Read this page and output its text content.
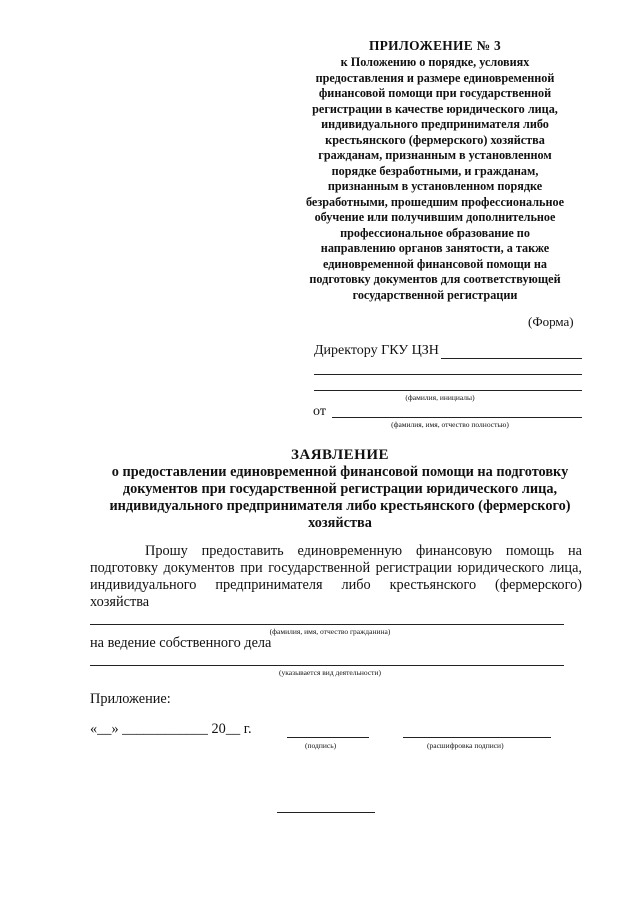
ПРИЛОЖЕНИЕ № 3
к Положению о порядке, условиях
предоставления и размере единовременной
финансовой помощи при государственной
регистрации в качестве юридического лица,
индивидуального предпринимателя либо
крестьянского (фермерского) хозяйства
гражданам, признанным в установленном
порядке безработными, и гражданам,
признанным в установленном порядке
безработными, прошедшим профессиональное
обучение или получившим дополнительное
профессиональное образование по
направлению органов занятости, а также
единовременной финансовой помощи на
подготовку документов для соответствующей
государственной регистрации
(Форма)
Директору ГКУ ЦЗН
(фамилия, инициалы)
от
(фамилия, имя, отчество полностью)
ЗАЯВЛЕНИЕ
о предоставлении единовременной финансовой помощи на подготовку документов при государственной регистрации юридического лица, индивидуального предпринимателя либо крестьянского (фермерского) хозяйства
Прошу предоставить единовременную финансовую помощь на подготовку документов при государственной регистрации юридического лица, индивидуального предпринимателя либо крестьянского (фермерского) хозяйства
(фамилия, имя, отчество гражданина)
на ведение собственного дела
(указывается вид деятельности)
Приложение:
«__» ____________ 20__ г.
(подпись)	(расшифровка подписи)
